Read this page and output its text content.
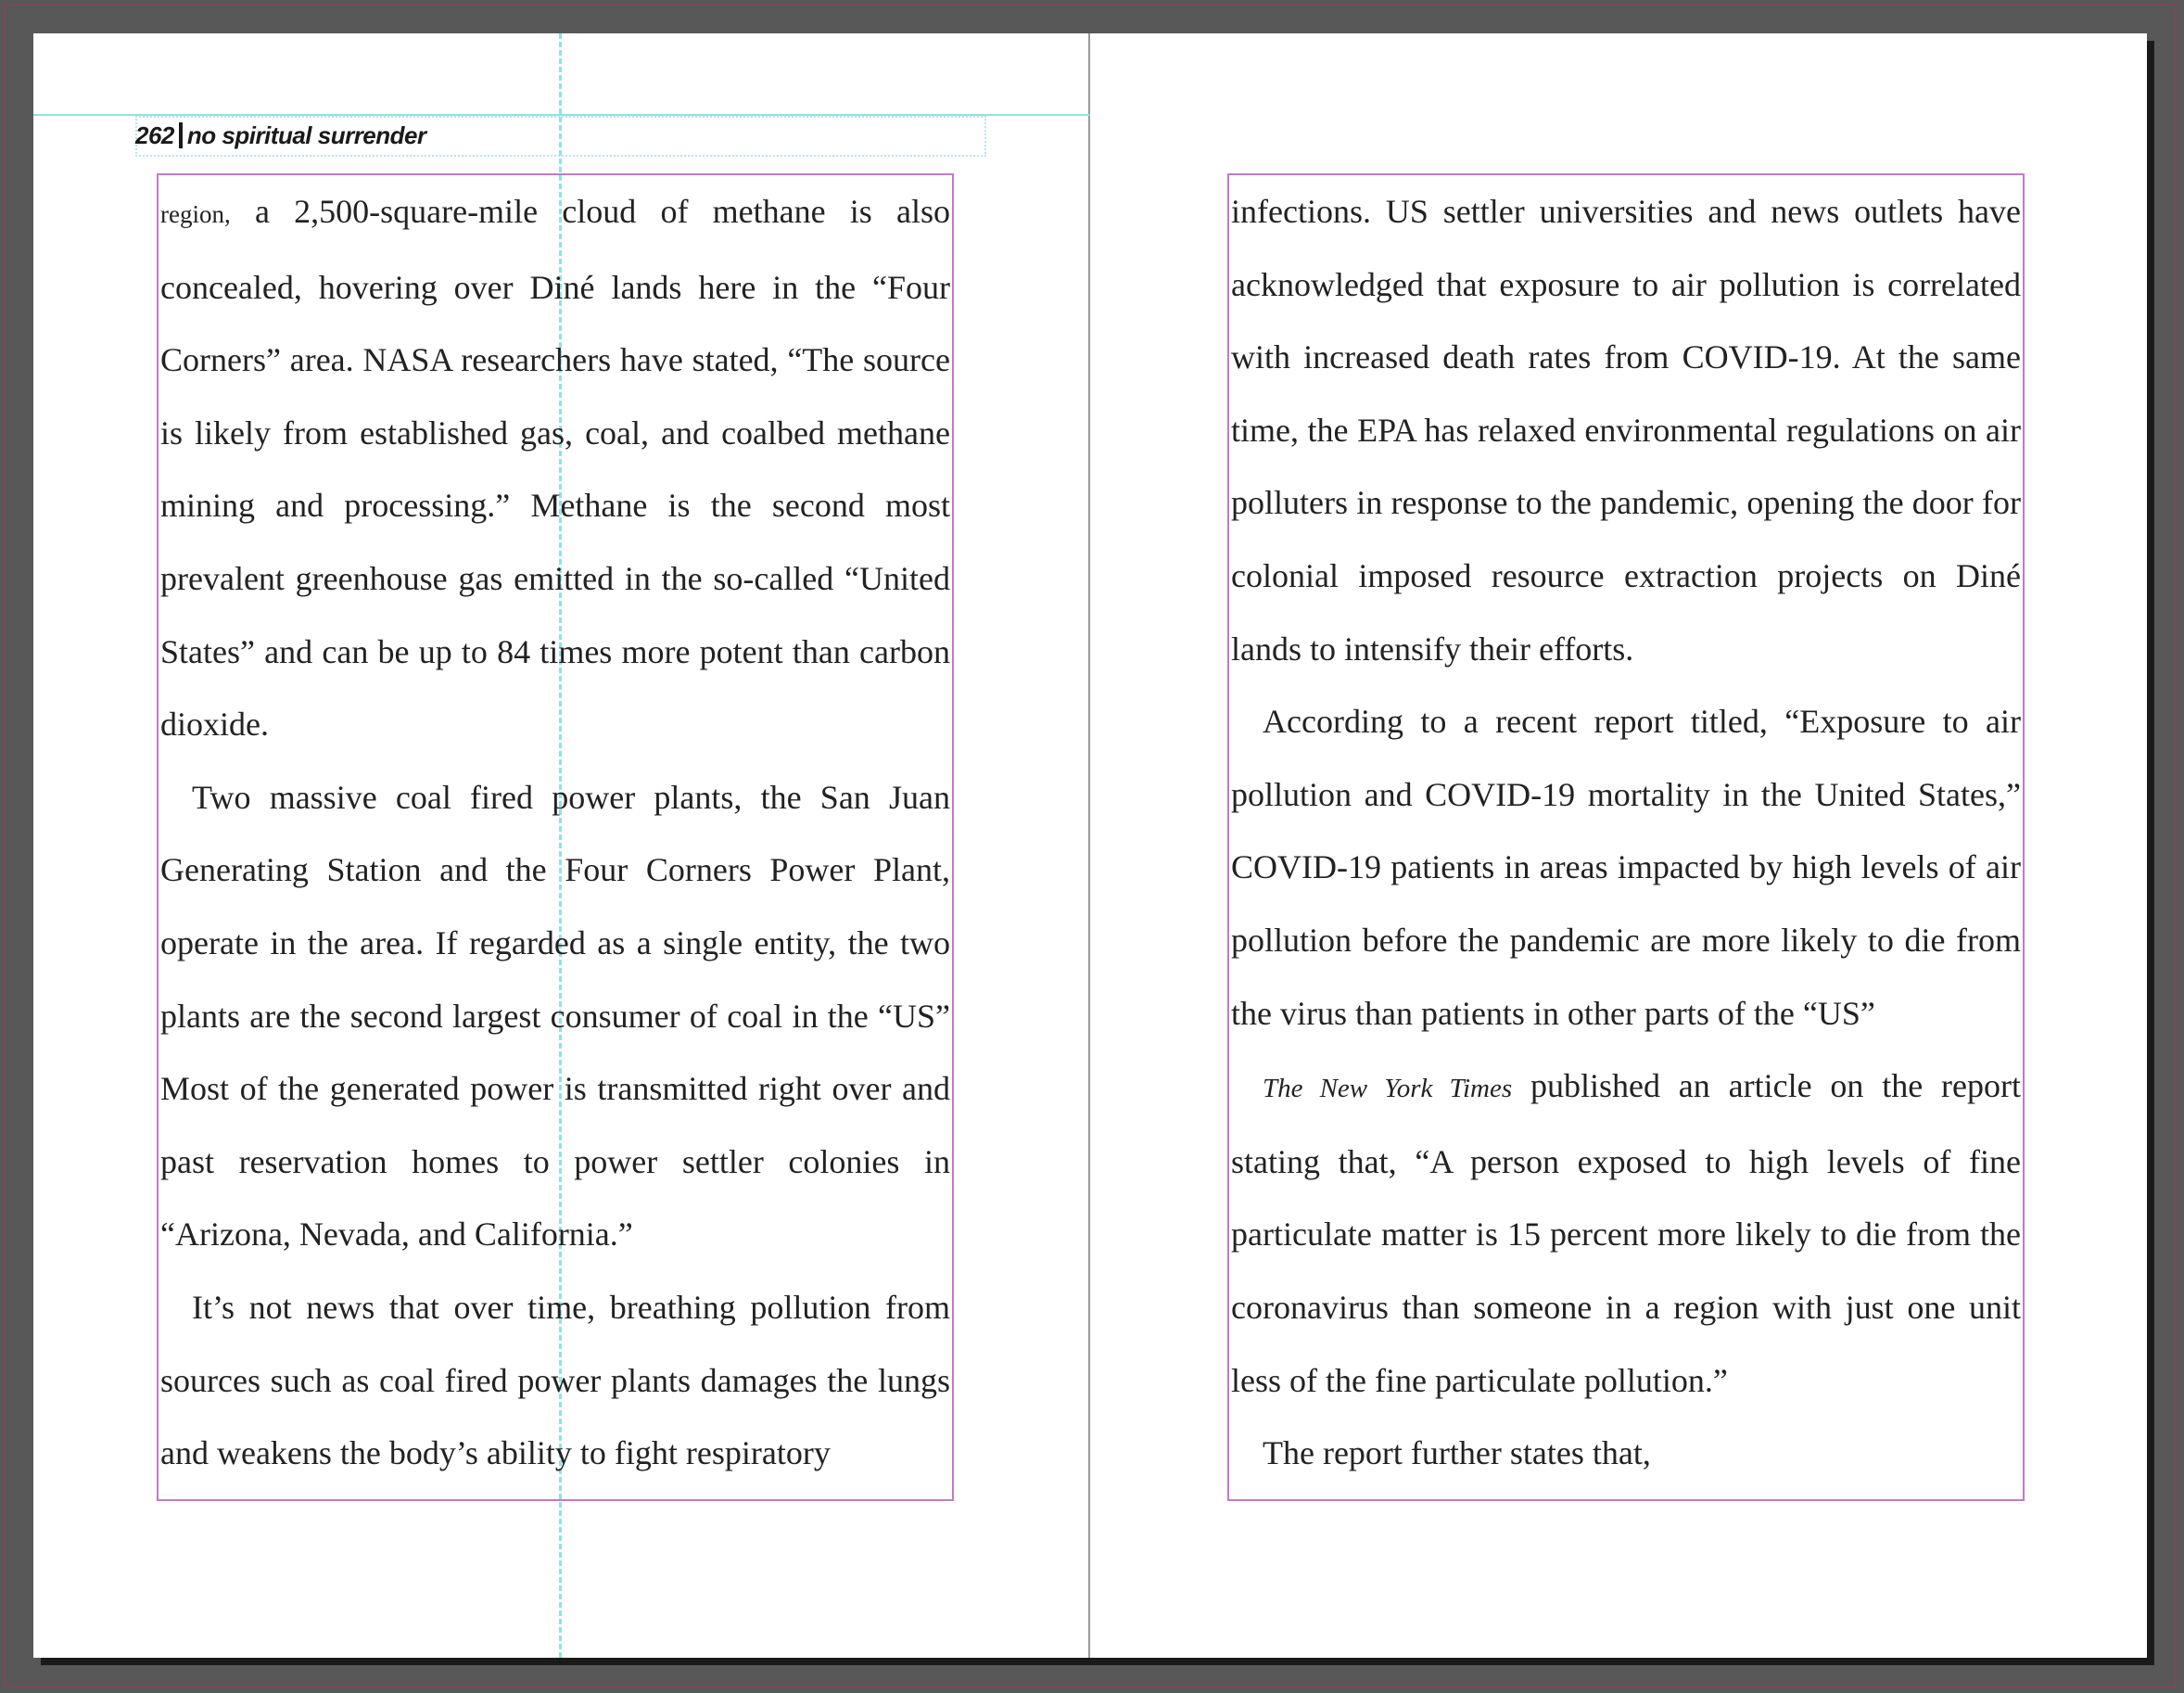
262 no spiritual surrender

region, a 2,500-square-mile cloud of methane is also concealed, hovering over Diné lands here in the “Four Corners” area. NASA researchers have stated, “The source is likely from established gas, coal, and coalbed methane mining and processing.” Methane is the second most prevalent greenhouse gas emitted in the so-called “United States” and can be up to 84 times more potent than carbon dioxide.

Two massive coal fired power plants, the San Juan Generating Station and the Four Corners Power Plant, operate in the area. If regarded as a single entity, the two plants are the second largest consumer of coal in the “US” Most of the generated power is transmitted right over and past reservation homes to power settler colonies in “Arizona, Nevada, and California.”

It’s not news that over time, breathing pollution from sources such as coal fired power plants damages the lungs and weakens the body’s ability to fight respiratory

infections. US settler universities and news outlets have acknowledged that exposure to air pollution is correlated with increased death rates from COVID-19. At the same time, the EPA has relaxed environmental regulations on air polluters in response to the pandemic, opening the door for colonial imposed resource extraction projects on Diné lands to intensify their efforts.

According to a recent report titled, “Exposure to air pollution and COVID-19 mortality in the United States,” COVID-19 patients in areas impacted by high levels of air pollution before the pandemic are more likely to die from the virus than patients in other parts of the “US”

The New York Times published an article on the report stating that, “A person exposed to high levels of fine particulate matter is 15 percent more likely to die from the coronavirus than someone in a region with just one unit less of the fine particulate pollution.”

The report further states that,
